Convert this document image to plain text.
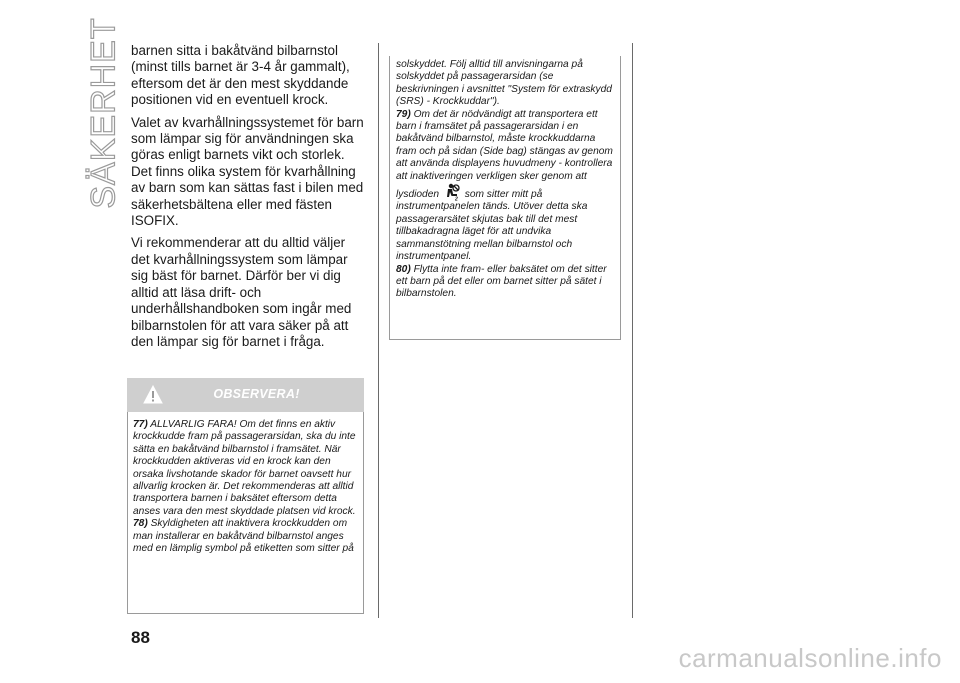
SÄKERHET barnen sitta i bakåtvänd bilbarnstol (minst tills barnet är 3-4 år gammalt), eftersom det är den mest skyddande positionen vid en eventuell krock.

Valet av kvarhållningssystemet för barn som lämpar sig för användningen ska göras enligt barnets vikt och storlek. Det finns olika system för kvarhållning av barn som kan sättas fast i bilen med säkerhetsbältena eller med fästen ISOFIX.

Vi rekommenderar att du alltid väljer det kvarhållningssystem som lämpar sig bäst för barnet. Därför ber vi dig alltid att läsa drift- och underhållshandboken som ingår med bilbarnstolen för att vara säker på att den lämpar sig för barnet i fråga.

OBSERVERA!

77) ALLVARLIG FARA! Om det finns en aktiv krockkudde fram på passagerarsidan, ska du inte sätta en bakåtvänd bilbarnstol i framsätet. När krockkudden aktiveras vid en krock kan den orsaka livshotande skador för barnet oavsett hur allvarlig krocken är. Det rekommenderas att alltid transportera barnen i baksätet eftersom detta anses vara den mest skyddade platsen vid krock.

78) Skyldigheten att inaktivera krockkudden om man installerar en bakåtvänd bilbarnstol anges med en lämplig symbol på etiketten som sitter på

solskyddet. Följ alltid till anvisningarna på solskyddet på passagerarsidan (se beskrivningen i avsnittet "System för extraskydd (SRS) - Krockkuddar").

79) Om det är nödvändigt att transportera ett barn i framsätet på passagerarsidan i en bakåtvänd bilbarnstol, måste krockkuddarna fram och på sidan (Side bag) stängas av genom att använda displayens huvudmeny - kontrollera att inaktiveringen verkligen sker genom att lysdioden	2 som sitter mitt på instrumentpanelen tänds. Utöver detta ska passagerarsätet skjutas bak till det mest tillbakadragna läget för att undvika sammanstötning mellan bilbarnstol och instrumentpanel.

80) Flytta inte fram- eller baksätet om det sitter ett barn på det eller om barnet sitter på sätet i bilbarnstolen.

88
carmanualsonline.info
